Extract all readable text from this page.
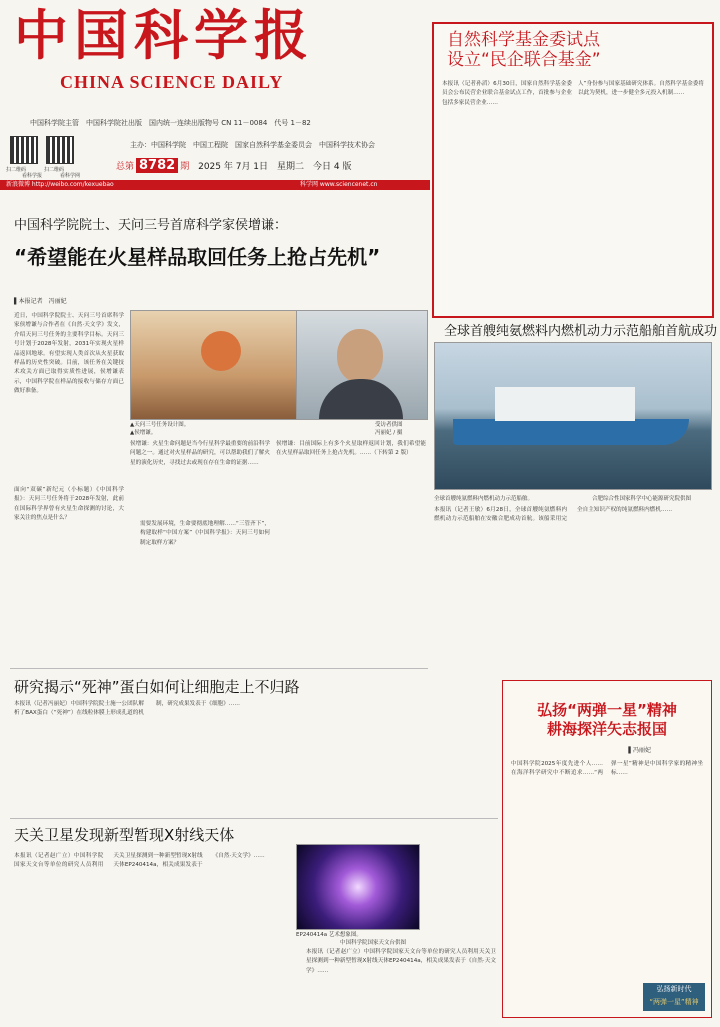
中国科学报
CHINA SCIENCE DAILY
中国科学院主管　中国科学院社出版　国内统一连续出版物号 CN 11－0084　代号 1－82
主办：中国科学院　中国工程院　国家自然科学基金委员会　中国科学技术协会
扫二维码	扫二维码
看科学报	看科学网
总第 8782 期 2025 年 7月 1日　星期二　今日 4 版
新浪微博 http://weibo.com/kexuebao	科学网 www.sciencenet.cn
中国科学院院士、天问三号首席科学家侯增谦：
“希望能在火星样品取回任务上抢占先机”
▌本报记者　冯丽妃
近日，中国科学院院士、天问三号首席科学家侯增谦与合作者在《自然·天文学》发文，介绍天问三号任务的主要科学目标。天问三号计划于2028年发射，2031年实现火星样品返回地球。有望实现人类首次从火星获取样品的历史性突破。目前，该任务在关键技术攻关方面已取得实质性进展，侯增谦表示，中国科学院在样品的接收与储存方面已做好准备。
面向“双碳”新纪元（小标题）《中国科学报》：天问三号任务将于2028年发射，此前在国际科学界曾有火星生命探测的讨论，大家关注的焦点是什么？
▲天问三号任务设计图。
▲侯增谦。
受访者供图
冯丽妃 / 摄
侯增谦：火星生命问题是当今行星科学最重要的前沿科学问题之一。通过对火星样品的研究，可以帮助我们了解火星的演化历史，寻找过去或现在存在生命的证据……
需要发展环境，生命要彻底地理解……“三管齐下”，构建取样“中国方案”《中国科学报》：天问三号如何制定取样方案？
侯增谦：目前国际上有多个火星取样返回计划，我们希望能在火星样品取回任务上抢占先机。……（下转第 2 版）
研究揭示“死神”蛋白如何让细胞走上不归路
本报讯（记者冯丽妃）中国科学院院士施一公团队解析了BAX蛋白（“死神”）在线粒体膜上形成孔道的机制，研究成果发表于《细胞》……
天关卫星发现新型暂现X射线天体
本报讯（记者赵广立）中国科学院国家天文台等单位的研究人员利用天关卫星探测到一种新型暂现X射线天体EP240414a，相关成果发表于《自然·天文学》……
EP240414a 艺术想象图。
中国科学院国家天文台供图
本报讯（记者赵广立）中国科学院国家天文台等单位的研究人员利用天关卫星探测到一种新型暂现X射线天体EP240414a，相关成果发表于《自然·天文学》……
自然科学基金委试点
设立“民企联合基金”
本报讯（记者孙滔）6月30日，国家自然科学基金委员会公布民营企业联合基金试点工作，首批参与企业包括多家民营企业……
人”身份参与国家基础研究体系。自然科学基金委将以此为契机，进一步健全多元投入机制……
全球首艘纯氨燃料内燃机动力示范船舶首航成功
全球首艘纯氨燃料内燃机动力示范船舶。	合肥综合性国家科学中心能源研究院供图
本报讯（记者王敏）6月28日，全球首艘纯氨燃料内燃机动力示范船舶在安徽合肥成功首航。该船采用完全自主知识产权的纯氨燃料内燃机……
弘扬“两弹一星”精神
耕海探洋矢志报国
▌冯丽妃
中国科学院2025年度先进个人……在海洋科学研究中不断追求……“两弹一星”精神是中国科学家的精神坐标……
弘扬新时代
“两弹一星”精神
